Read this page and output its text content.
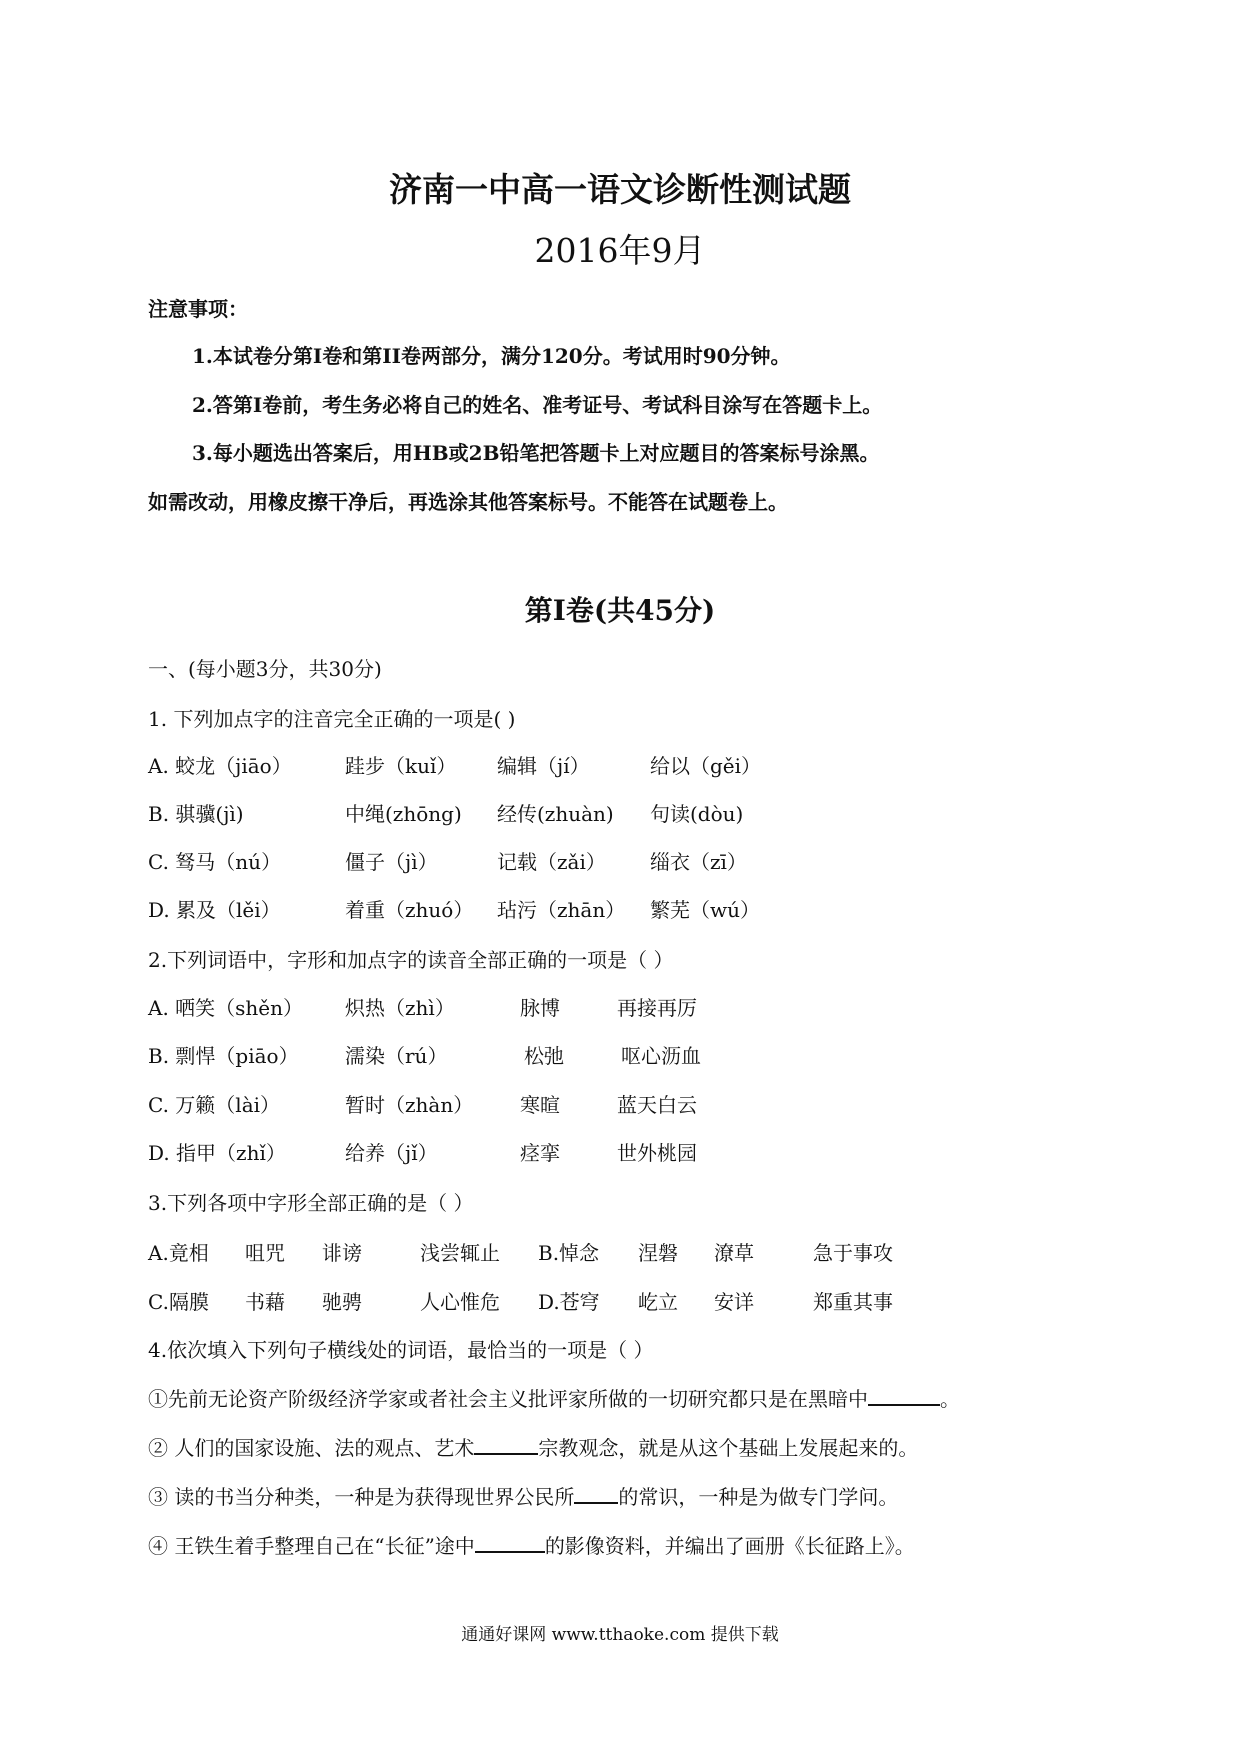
济南一中高一语文诊断性测试题
2016年9月
注意事项：
1.本试卷分第Ⅰ卷和第II卷两部分，满分120分。考试用时90分钟。
2.答第Ⅰ卷前，考生务必将自己的姓名、准考证号、考试科目涂写在答题卡上。
3.每小题选出答案后，用HB或2B铅笔把答题卡上对应题目的答案标号涂黑。
如需改动，用橡皮擦干净后，再选涂其他答案标号。不能答在试题卷上。
第Ⅰ卷(共45分)
一、(每小题3分，共30分)
1. 下列加点字的注音完全正确的一项是( )
A. 蛟龙（jiāo）	跬步（kuǐ） 编辑（jí）	给以（gěi）
B. 骐骥(jì)	中绳(zhōng) 经传(zhuàn) 句读(dòu)
C. 驽马（nú）	僵子（jì）	记载（zǎi） 缁衣（zī）
D. 累及（lěi）	着重（zhuó） 玷污（zhān） 繁芜（wú）
2.下列词语中，字形和加点字的读音全部正确的一项是（ ）
A. 哂笑（shěn） 炽热（zhì）	脉博	再接再厉
B. 剽悍（piāo） 濡染（rú）	松弛	呕心沥血
C. 万籁（lài）	暂时（zhàn） 寒暄	蓝天白云
D. 指甲（zhǐ）	给养（jǐ）	痉挛	世外桃园
3.下列各项中字形全部正确的是（ ）
A.竟相 咀咒 诽谤	浅尝辄止 B.悼念 涅磐 潦草	急于事攻
C.隔膜 书藉 驰骋	人心惟危 D.苍穹 屹立 安详	郑重其事
4.依次填入下列句子横线处的词语，最恰当的一项是（ ）
①先前无论资产阶级经济学家或者社会主义批评家所做的一切研究都只是在黑暗中	。
② 人们的国家设施、法的观点、艺术	宗教观念，就是从这个基础上发展起来的。
③ 读的书当分种类，一种是为获得现世界公民所 的常识，一种是为做专门学问。
④ 王铁生着手整理自己在“长征”途中	的影像资料，并编出了画册《长征路上》。
通通好课网 www.tthaoke.com 提供下载
